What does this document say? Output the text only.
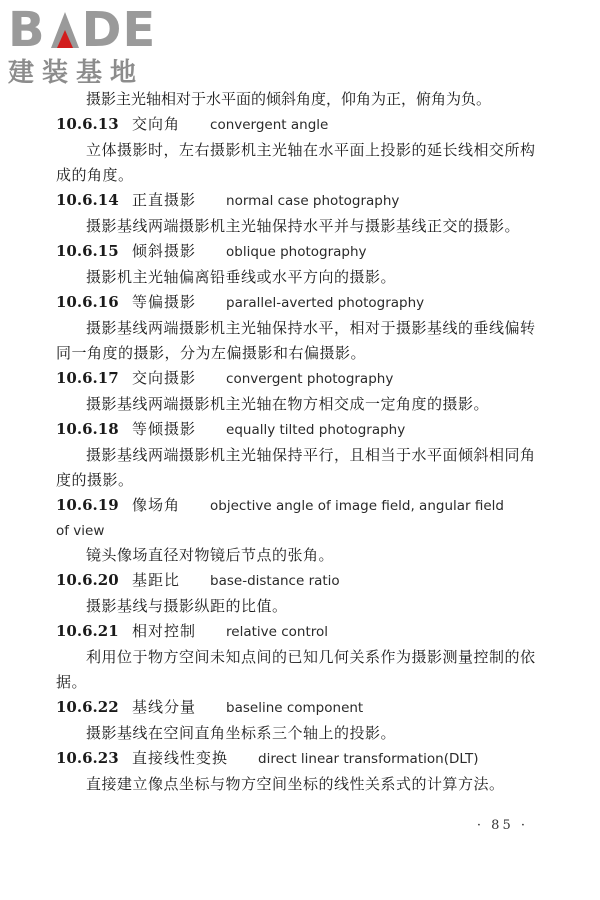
B DE
建装基地
摄影主光轴相对于水平面的倾斜角度，仰角为正，俯角为负。
10.6.13 交向角 convergent angle
立体摄影时，左右摄影机主光轴在水平面上投影的延长线相交所构成的角度。
10.6.14 正直摄影 normal case photography
摄影基线两端摄影机主光轴保持水平并与摄影基线正交的摄影。
10.6.15 倾斜摄影 oblique photography
摄影机主光轴偏离铅垂线或水平方向的摄影。
10.6.16 等偏摄影 parallel-averted photography
摄影基线两端摄影机主光轴保持水平，相对于摄影基线的垂线偏转同一角度的摄影，分为左偏摄影和右偏摄影。
10.6.17 交向摄影 convergent photography
摄影基线两端摄影机主光轴在物方相交成一定角度的摄影。
10.6.18 等倾摄影 equally tilted photography
摄影基线两端摄影机主光轴保持平行，且相当于水平面倾斜相同角度的摄影。
10.6.19 像场角 objective angle of image field, angular field
of view
镜头像场直径对物镜后节点的张角。
10.6.20 基距比 base-distance ratio
摄影基线与摄影纵距的比值。
10.6.21 相对控制 relative control
利用位于物方空间未知点间的已知几何关系作为摄影测量控制的依据。
10.6.22 基线分量 baseline component
摄影基线在空间直角坐标系三个轴上的投影。
10.6.23 直接线性变换 direct linear transformation(DLT)
直接建立像点坐标与物方空间坐标的线性关系式的计算方法。
· 85 ·
